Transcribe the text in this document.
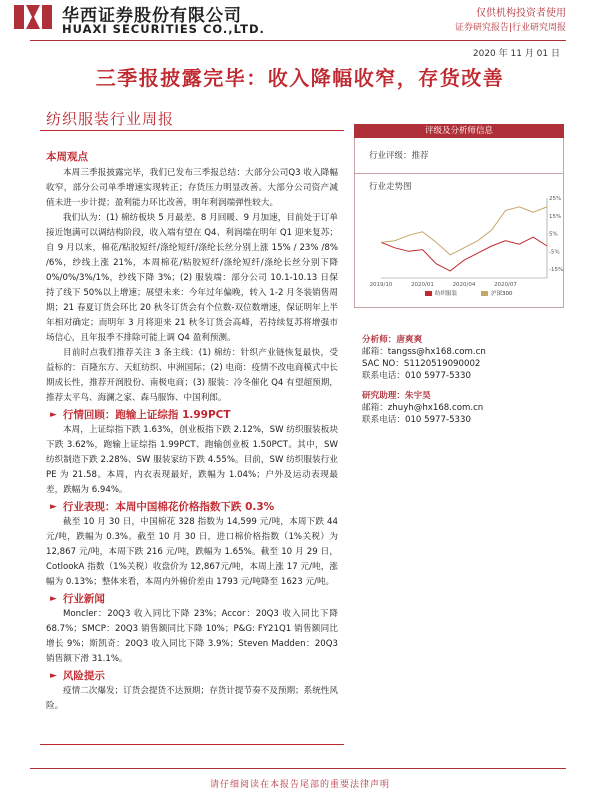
华西证券股份有限公司
HUAXI SECURITIES CO.,LTD.
仅供机构投资者使用
证券研究报告|行业研究周报
2020 年 11 月 01 日
三季报披露完毕：收入降幅收窄，存货改善
纺织服装行业周报
本周观点
本周三季报披露完毕，我们已发布三季报总结：大部分公司Q3 收入降幅收窄，部分公司单季增速实现转正；存货压力明显改善。大部分公司资产减值未进一步计提；盈利能力环比改善，明年利润端弹性较大。
我们认为：(1) 棉纺板块 5 月最差、8 月回暖、9 月加速，目前处于订单接近饱满可以调结构阶段，收入端有望在 Q4、利润端在明年 Q1 迎来复苏；自 9 月以来，棉花/粘胶短纤/涤纶短纤/涤纶长丝分别上涨 15% / 23% /8% /6%，纱线上涨 21%，本周棉花/粘胶短纤/涤纶短纤/涤纶长丝分别下降 0%/0%/3%/1%，纱线下降 3%；(2) 服装端：部分公司 10.1-10.13 日保持了线下 50%以上增速；展望未来：今年过年偏晚，转入 1-2 月冬装销售周期；21 春夏订货会环比 20 秋冬订货会有个位数-双位数增速，保证明年上半年相对确定；而明年 3 月将迎来 21 秋冬订货会高峰，若持续复苏将增强市场信心，且年报季不排除可能上调 Q4 盈利预测。
目前时点我们推荐关注 3 条主线：(1) 棉纺：针织产业链恢复最快，受益标的：百隆东方、天虹纺织、申洲国际；(2) 电商：疫情不改电商模式中长期成长性，推荐开润股份、南极电商；(3) 服装：冷冬催化 Q4 有望超预期，推荐太平鸟、海澜之家、森马服饰、中国利郎。
► 行情回顾：跑输上证综指 1.99PCT
本周，上证综指下跌 1.63%，创业板指下跌 2.12%，SW 纺织服装板块下跌 3.62%，跑输上证综指 1.99PCT、跑输创业板 1.50PCT。其中，SW 纺织制造下跌 2.28%、SW 服装家纺下跌 4.55%。目前，SW 纺织服装行业 PE 为 21.58。本周，内衣表现最好，跌幅为 1.04%；户外及运动表现最差，跌幅为 6.94%。
► 行业表现：本周中国棉花价格指数下跌 0.3%
截至 10 月 30 日，中国棉花 328 指数为 14,599 元/吨，本周下跌 44 元/吨，跌幅为 0.3%。截至 10 月 30 日，进口棉价格指数（1%关税）为 12,867 元/吨，本周下跌 216 元/吨，跌幅为 1.65%。截至 10 月 29 日，CotlookA 指数（1%关税）收盘价为 12,867元/吨，本周上涨 17 元/吨，涨幅为 0.13%；整体来看，本周内外棉价差由 1793 元/吨降至 1623 元/吨。
► 行业新闻
Moncler：20Q3 收入同比下降 23%；Accor：20Q3 收入同比下降 68.7%；SMCP：20Q3 销售额同比下降 10%；P&G: FY21Q1 销售额同比增长 9%；斯凯奇：20Q3 收入同比下降 3.9%；Steven Madden：20Q3 销售额下滑 31.1%。
► 风险提示
疫情二次爆发；订货会提货不达预期；存货计提节奏不及预期；系统性风险。
评级及分析师信息
行业评级：推荐
行业走势图
25%
15%
5%
-5%
-15%
2019/10	2020/01	2020/04	2020/07
纺织服装	沪深300
分析师：唐爽爽
邮箱：tangss@hx168.com.cn
SAC NO：S1120519090002
联系电话：010 5977-5330
研究助理：朱宇昊
邮箱：zhuyh@hx168.com.cn
联系电话：010 5977-5330
请仔细阅读在本报告尾部的重要法律声明
